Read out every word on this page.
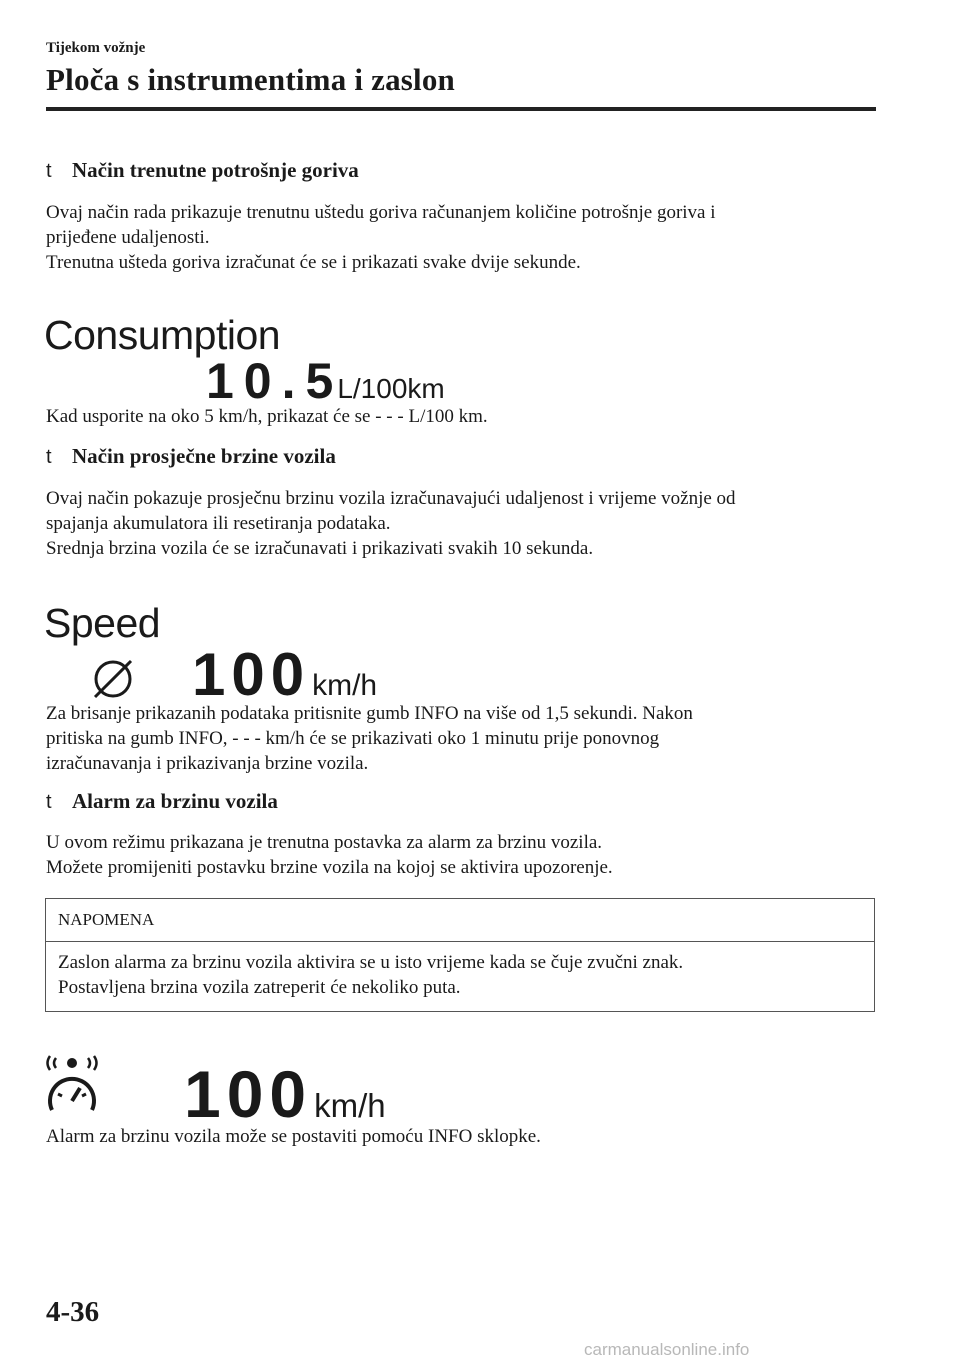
Tijekom vožnje
Ploča s instrumentima i zaslon
t Način trenutne potrošnje goriva

Ovaj način rada prikazuje trenutnu uštedu goriva računanjem količine potrošnje goriva i

prijeđene udaljenosti.

Trenutna ušteda goriva izračunat će se i prikazati svake dvije sekunde.

Consumption
10.5
L/100km

Kad usporite na oko 5 km/h, prikazat će se - - - L/100 km.

t Način prosječne brzine vozila

Ovaj način pokazuje prosječnu brzinu vozila izračunavajući udaljenost i vrijeme vožnje od

spajanja akumulatora ili resetiranja podataka.

Srednja brzina vozila će se izračunavati i prikazivati svakih 10 sekunda.

Speed
100 km/h

Za brisanje prikazanih podataka pritisnite gumb INFO na više od 1,5 sekundi. Nakon

pritiska na gumb INFO, - - - km/h će se prikazivati oko 1 minutu prije ponovnog

izračunavanja i prikazivanja brzine vozila.

t Alarm za brzinu vozila

U ovom režimu prikazana je trenutna postavka za alarm za brzinu vozila.

Možete promijeniti postavku brzine vozila na kojoj se aktivira upozorenje.

NAPOMENA

Zaslon alarma za brzinu vozila aktivira se u isto vrijeme kada se čuje zvučni znak.

Postavljena brzina vozila zatreperit će nekoliko puta.

100 km/h

Alarm za brzinu vozila može se postaviti pomoću INFO sklopke.

4-36
carmanualsonline.info
